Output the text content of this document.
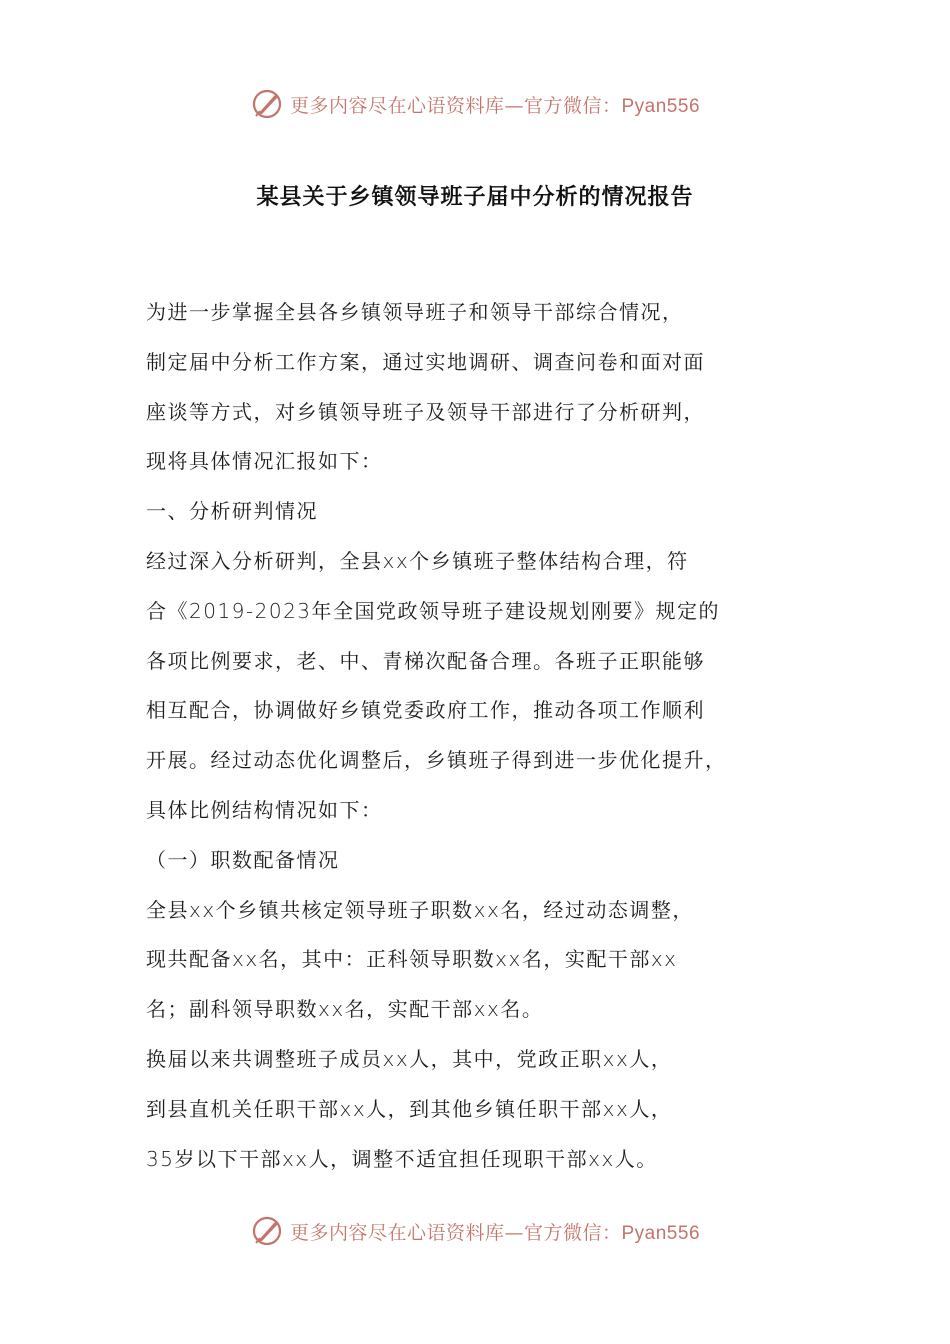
更多内容尽在心语资料库—官方微信：Pyan556
某县关于乡镇领导班子届中分析的情况报告
为进一步掌握全县各乡镇领导班子和领导干部综合情况，
制定届中分析工作方案，通过实地调研、调查问卷和面对面
座谈等方式，对乡镇领导班子及领导干部进行了分析研判，
现将具体情况汇报如下：
一、分析研判情况
经过深入分析研判，全县xx个乡镇班子整体结构合理，符
合《2019-2023年全国党政领导班子建设规划刚要》规定的
各项比例要求，老、中、青梯次配备合理。各班子正职能够
相互配合，协调做好乡镇党委政府工作，推动各项工作顺利
开展。经过动态优化调整后，乡镇班子得到进一步优化提升，
具体比例结构情况如下：
（一）职数配备情况
全县xx个乡镇共核定领导班子职数xx名，经过动态调整，
现共配备xx名，其中：正科领导职数xx名，实配干部xx
名；副科领导职数xx名，实配干部xx名。
换届以来共调整班子成员xx人，其中，党政正职xx人，
到县直机关任职干部xx人，到其他乡镇任职干部xx人，
35岁以下干部xx人，调整不适宜担任现职干部xx人。
更多内容尽在心语资料库—官方微信：Pyan556
